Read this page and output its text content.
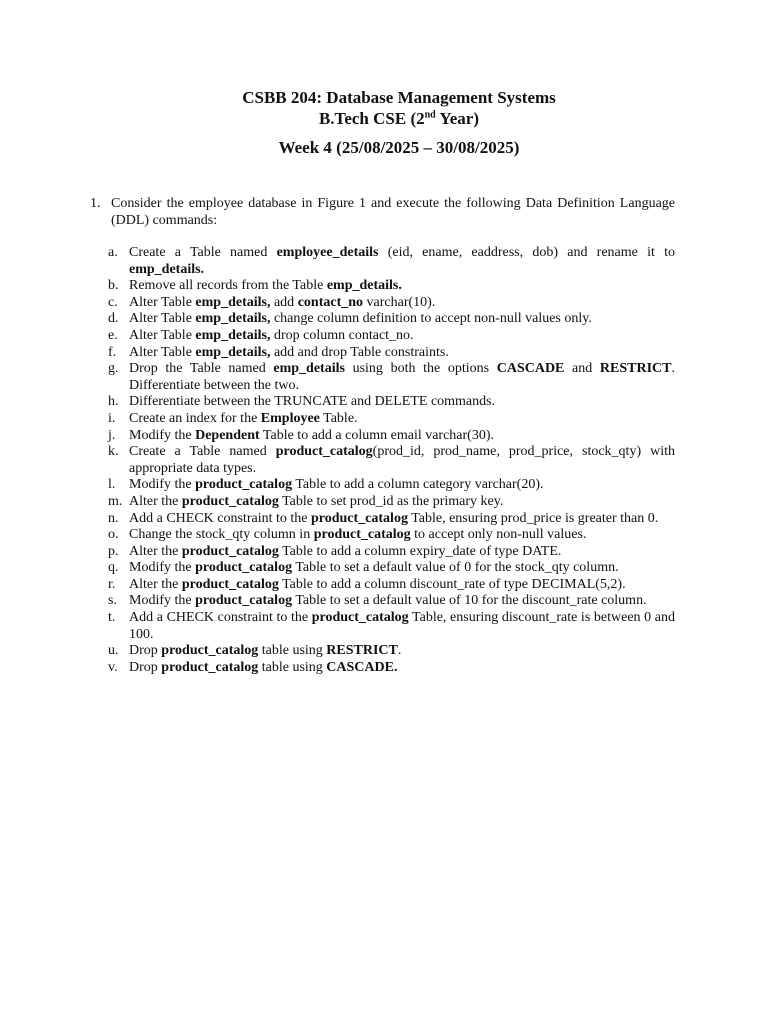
CSBB 204: Database Management Systems
B.Tech CSE (2nd Year)
Week 4 (25/08/2025 – 30/08/2025)
1. Consider the employee database in Figure 1 and execute the following Data Definition Language (DDL) commands:
a. Create a Table named employee_details (eid, ename, eaddress, dob) and rename it to emp_details.
b. Remove all records from the Table emp_details.
c. Alter Table emp_details, add contact_no varchar(10).
d. Alter Table emp_details, change column definition to accept non-null values only.
e. Alter Table emp_details, drop column contact_no.
f. Alter Table emp_details, add and drop Table constraints.
g. Drop the Table named emp_details using both the options CASCADE and RESTRICT. Differentiate between the two.
h. Differentiate between the TRUNCATE and DELETE commands.
i. Create an index for the Employee Table.
j. Modify the Dependent Table to add a column email varchar(30).
k. Create a Table named product_catalog(prod_id, prod_name, prod_price, stock_qty) with appropriate data types.
l. Modify the product_catalog Table to add a column category varchar(20).
m. Alter the product_catalog Table to set prod_id as the primary key.
n. Add a CHECK constraint to the product_catalog Table, ensuring prod_price is greater than 0.
o. Change the stock_qty column in product_catalog to accept only non-null values.
p. Alter the product_catalog Table to add a column expiry_date of type DATE.
q. Modify the product_catalog Table to set a default value of 0 for the stock_qty column.
r. Alter the product_catalog Table to add a column discount_rate of type DECIMAL(5,2).
s. Modify the product_catalog Table to set a default value of 10 for the discount_rate column.
t. Add a CHECK constraint to the product_catalog Table, ensuring discount_rate is between 0 and 100.
u. Drop product_catalog table using RESTRICT.
v. Drop product_catalog table using CASCADE.
